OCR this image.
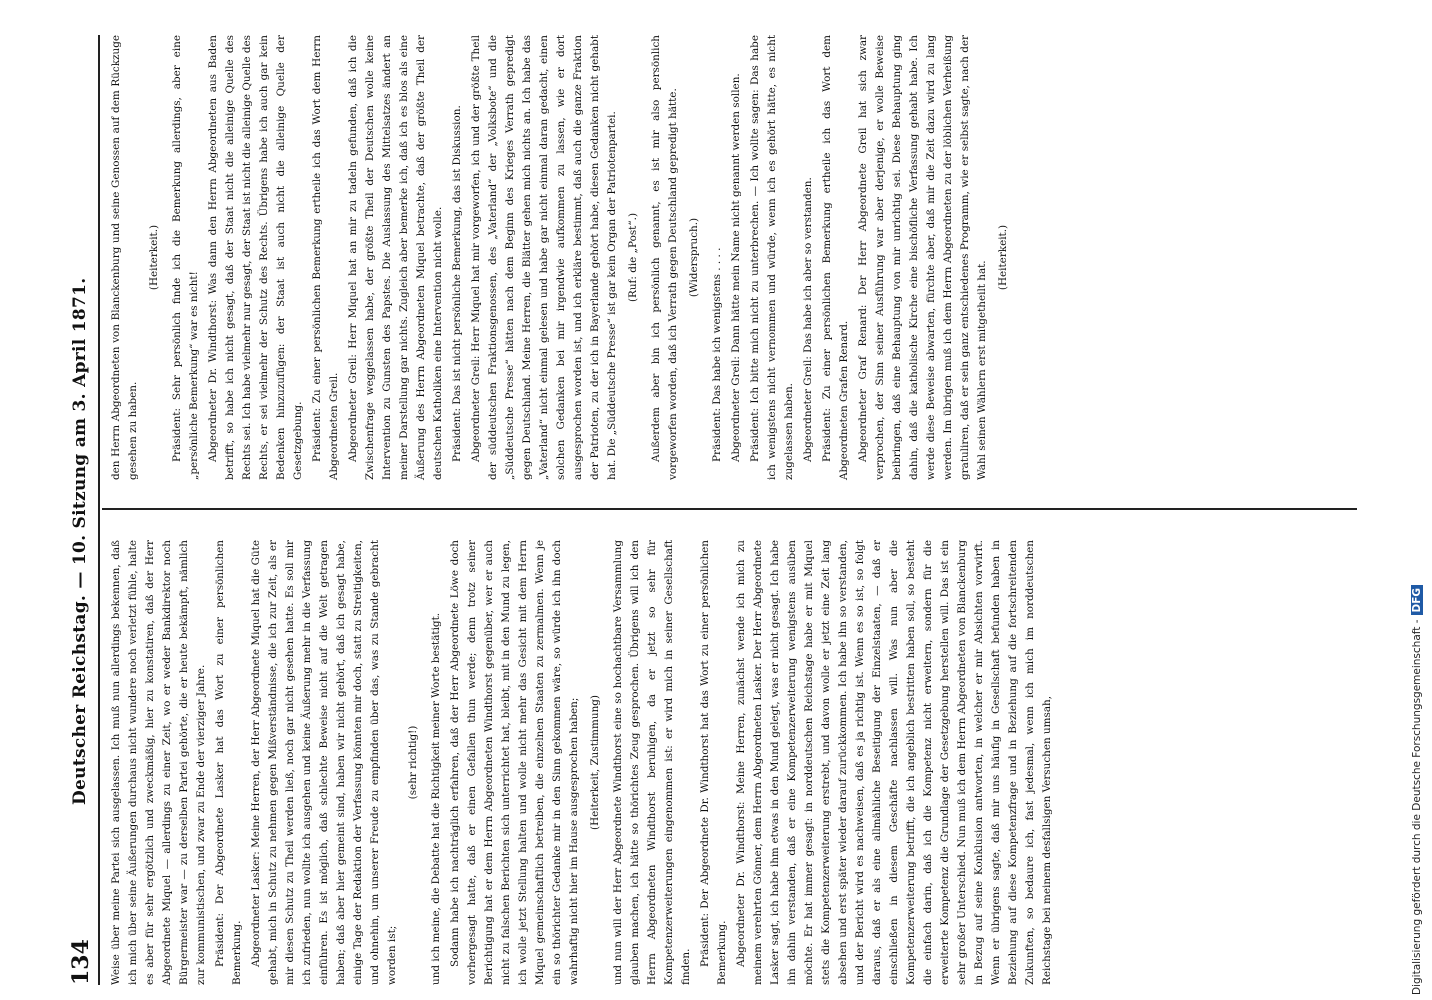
134
Deutscher Reichstag. — 10. Sitzung am 3. April 1871. Weise über meine Partei sich ausgelassen. Ich muß nun allerdings bekennen, daß ich mich über seine Äußerungen durchaus nicht wundere noch verletzt fühle, halte es aber für sehr ergötzlich und zweckmäßig, hier zu konstatiren, daß der Herr Abgeordnete Miquel — allerdings zu einer Zeit, wo er weder Bankdirektor noch Bürgermeister war — zu derselben Partei gehörte, die er heute bekämpft, nämlich zur kommunistischen, und zwar zu Ende der vierziger Jahre. Präsident: Der Abgeordnete Lasker hat das Wort zu einer persönlichen Bemerkung. Abgeordneter Lasker: Meine Herren, der Herr Abgeordnete Miquel hat die Güte gehabt, mich in Schutz zu nehmen gegen Mißverständnisse, die ich zur Zeit, als er mir diesen Schutz zu Theil werden ließ, noch gar nicht gesehen hatte. Es soll mir ich zufrieden, nun wollte ich ausgehen und keine Äußerung mehr in die Verfassung einführen. Es ist möglich, daß schlechte Beweise nicht auf die Welt getragen haben; daß aber hier gemeint sind, haben wir nicht gehört, daß ich gesagt habe, einige Tage der Redaktion der Verfassung könnten mir doch, statt zu Streitigkeiten, und ohnehin, um unserer Freude zu empfinden über das, was zu Stande gebracht worden ist;

(sehr richtig!) und ich meine, die Debatte hat die Richtigkeit meiner Worte bestätigt. Sodann habe ich nachträglich erfahren, daß der Herr Abgeordnete Löwe doch vorhergesagt hatte, daß er einen Gefallen thun werde; denn trotz seiner Berichtigung hat er dem Herrn Abgeordneten Windthorst gegenüber, wer er auch nicht zu falschen Berichten sich unterrichtet hat, bleibt, mit in den Mund zu legen, ich wolle jetzt Stellung halten und wolle nicht mehr das Gesicht mit dem Herrn Miquel gemeinschaftlich betreiben, die einzelnen Staaten zu zermalmen. Wenn je ein so thörichter Gedanke mir in den Sinn gekommen wäre, so würde ich ihn doch wahrhaftig nicht hier im Hause ausgesprochen haben; (Heiterkeit, Zustimmung) und nun will der Herr Abgeordnete Windthorst eine so hochachtbare Versammlung glauben machen, ich hätte so thörichtes Zeug gesprochen. Übrigens will ich den Herrn Abgeordneten Windthorst beruhigen, da er jetzt so sehr für Kompetenzerweiterungen eingenommen ist: er wird mich in seiner Gesellschaft finden. Präsident: Der Abgeordnete Dr. Windthorst hat das Wort zu einer persönlichen Bemerkung. Abgeordneter Dr. Windthorst: Meine Herren, zunächst wende ich mich zu meinem verehrten Gönner, dem Herrn Abgeordneten Lasker. Der Herr Abgeordnete Lasker sagt, ich habe ihm etwas in den Mund gelegt, was er nicht gesagt. Ich habe ihn dahin verstanden, daß er eine Kompetenzerweiterung wenigstens ausüben möchte. Er hat immer gesagt: in norddeutschen Reichstage habe er mit Miquel stets die Kompetenzerweiterung erstrebt, und davon wolle er jetzt eine Zeit lang absehen und erst später wieder darauf zurückkommen. Ich habe ihn so verstanden, und der Bericht wird es nachweisen, daß es ja richtig ist. Wenn es so ist, so folgt daraus, daß er als eine allmähliche Beseitigung der Einzelstaaten, — daß er einschließen in diesem Geschäfte nachlassen will. Was nun aber die Kompetenzerweiterung betrifft, die ich angeblich bestritten haben soll, so besteht die einfach darin, daß ich die Kompetenz nicht erweitern, sondern für die erweiterte Kompetenz die Grundlage der Gesetzgebung herstellen will. Das ist ein sehr großer Unterschied. Nun muß ich dem Herrn Abgeordneten von Blanckenburg in Bezug auf seine Konklusion antworten, in welcher er mir Absichten vorwirft. Wenn er übrigens sagte, daß mir uns häufig in Gesellschaft befunden haben in Beziehung auf diese Kompetenzfrage und in Beziehung auf die fortschreitenden Zukunften, so bedaure ich, fast jedesmal, wenn ich mich im norddeutschen Reichstage bei meinem desfallsigen Versuchen umsah,

den Herrn Abgeordneten von Blanckenburg und seine Genossen auf dem Rückzuge gesehen zu haben.

(Heiterkeit.) Präsident: Sehr persönlich finde ich die Bemerkung allerdings, aber eine „persönliche Bemerkung“ war es nicht! Abgeordneter Dr. Windthorst: Was dann den Herrn Abgeordneten aus Baden betrifft, so habe ich nicht gesagt, daß der Staat nicht die alleinige Quelle des Rechts sei. Ich habe vielmehr nur gesagt, der Staat ist nicht die alleinige Quelle des Rechts, er sei vielmehr der Schutz des Rechts. Übrigens habe ich auch gar kein Bedenken hinzuzufügen: der Staat ist auch nicht die alleinige Quelle der Gesetzgebung. Präsident: Zu einer persönlichen Bemerkung ertheile ich das Wort dem Herrn Abgeordneten Greil. Abgeordneter Greil: Herr Miquel hat an mir zu tadeln gefunden, daß ich die Zwischenfrage weggelassen habe, der größte Theil der Deutschen wolle keine Intervention zu Gunsten des Papstes. Die Auslassung des Mittelsatzes ändert an meiner Darstellung gar nichts. Zugleich aber bemerke ich, daß ich es blos als eine Äußerung des Herrn Abgeordneten Miquel betrachte, daß der größte Theil der deutschen Katholiken eine Intervention nicht wolle. Präsident: Das ist nicht persönliche Bemerkung, das ist Diskussion. Abgeordneter Greil: Herr Miquel hat mir vorgeworfen, ich und der größte Theil der süddeutschen Fraktionsgenossen, des „Vaterland“ der „Volksbote“ und die „Süddeutsche Presse“ hätten nach dem Beginn des Krieges Verrath gepredigt gegen Deutschland. Meine Herren, die Blätter gehen mich nichts an. Ich habe das „Vaterland“ nicht einmal gelesen und habe gar nicht einmal daran gedacht, einen solchen Gedanken bei mir irgendwie aufkommen zu lassen, wie er dort ausgesprochen worden ist, und ich erkläre bestimmt, daß auch die ganze Fraktion der Patrioten, zu der ich in Bayerlande gehört habe, diesen Gedanken nicht gehabt hat. Die „Süddeutsche Presse“ ist gar kein Organ der Patriotenpartei. (Ruf: die „Post“.) Außerdem aber bin ich persönlich genannt, es ist mir also persönlich vorgeworfen worden, daß ich Verrath gegen Deutschland gepredigt hätte. (Widerspruch.) Präsident: Das habe ich wenigstens . . . . Abgeordneter Greil: Dann hätte mein Name nicht genannt werden sollen. Präsident: Ich bitte mich nicht zu unterbrechen. — Ich wollte sagen: Das habe ich wenigstens nicht vernommen und würde, wenn ich es gehört hätte, es nicht zugelassen haben. Abgeordneter Greil: Das habe ich aber so verstanden. Präsident: Zu einer persönlichen Bemerkung ertheile ich das Wort dem Abgeordneten Grafen Renard. Abgeordneter Graf Renard: Der Herr Abgeordnete Greil hat sich zwar verprochen, der Sinn seiner Ausführung war aber derjenige, er wolle Beweise beibringen, daß eine Behauptung von mir unrichtig sei. Diese Behauptung ging dahin, daß die katholische Kirche eine bischöfliche Verfassung gehabt habe. Ich werde diese Beweise abwarten, fürchte aber, daß mir die Zeit dazu wird zu lang werden. Im übrigen muß ich dem Herrn Abgeordneten zu der löblichen Verheißung gratuliren, daß er sein ganz entschiedenes Programm, wie er selbst sagte, nach der Wahl seinen Wählern erst mitgetheilt hat.

(Heiterkeit.)

Digitalisierung gefördert durch die Deutsche Forschungsgemeinschaft -DFG
